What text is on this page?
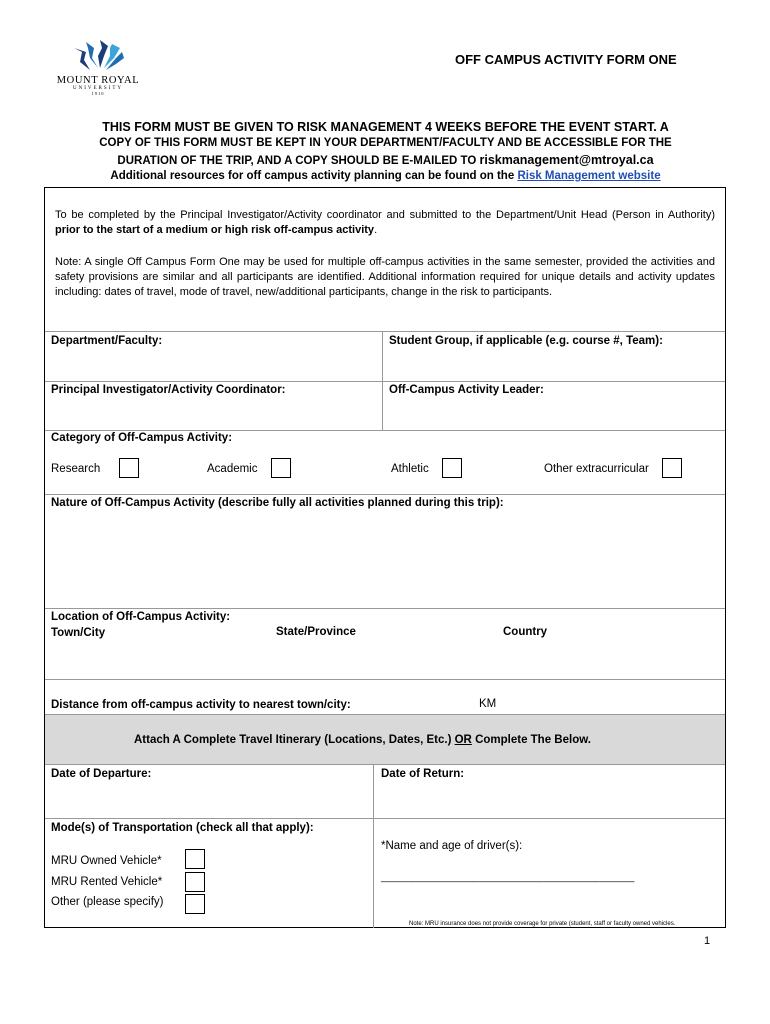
MOUNT ROYAL
UNIVERSITY
1910
OFF CAMPUS ACTIVITY FORM ONE
THIS FORM MUST BE GIVEN TO RISK MANAGEMENT 4 WEEKS BEFORE THE EVENT START. A
COPY OF THIS FORM MUST BE KEPT IN YOUR DEPARTMENT/FACULTY AND BE ACCESSIBLE FOR THE
DURATION OF THE TRIP, AND A COPY SHOULD BE E-MAILED TO riskmanagement@mtroyal.ca
Additional resources for off campus activity planning can be found on the Risk Management website
To be completed by the Principal Investigator/Activity coordinator and submitted to the Department/Unit Head (Person in Authority) prior to the start of a medium or high risk off-campus activity.
Note: A single Off Campus Form One may be used for multiple off-campus activities in the same semester, provided the activities and safety provisions are similar and all participants are identified. Additional information required for unique details and activity updates including: dates of travel, mode of travel, new/additional participants, change in the risk to participants.
Department/Faculty:	Student Group, if applicable (e.g. course #, Team):
Principal Investigator/Activity Coordinator:	Off-Campus Activity Leader:
Category of Off-Campus Activity:
Research	Academic	Athletic	Other extracurricular
Nature of Off-Campus Activity (describe fully all activities planned during this trip):
Location of Off-Campus Activity:
Town/City	State/Province	Country
Distance from off-campus activity to nearest town/city:	KM
Attach A Complete Travel Itinerary (Locations, Dates, Etc.) OR Complete The Below.
Date of Departure:	Date of Return:
Mode(s) of Transportation (check all that apply):
MRU Owned Vehicle*
MRU Rented Vehicle*
Other (please specify)
*Name and age of driver(s):
____________________________________________
Note: MRU insurance does not provide coverage for private (student, staff or faculty owned vehicles.
1
